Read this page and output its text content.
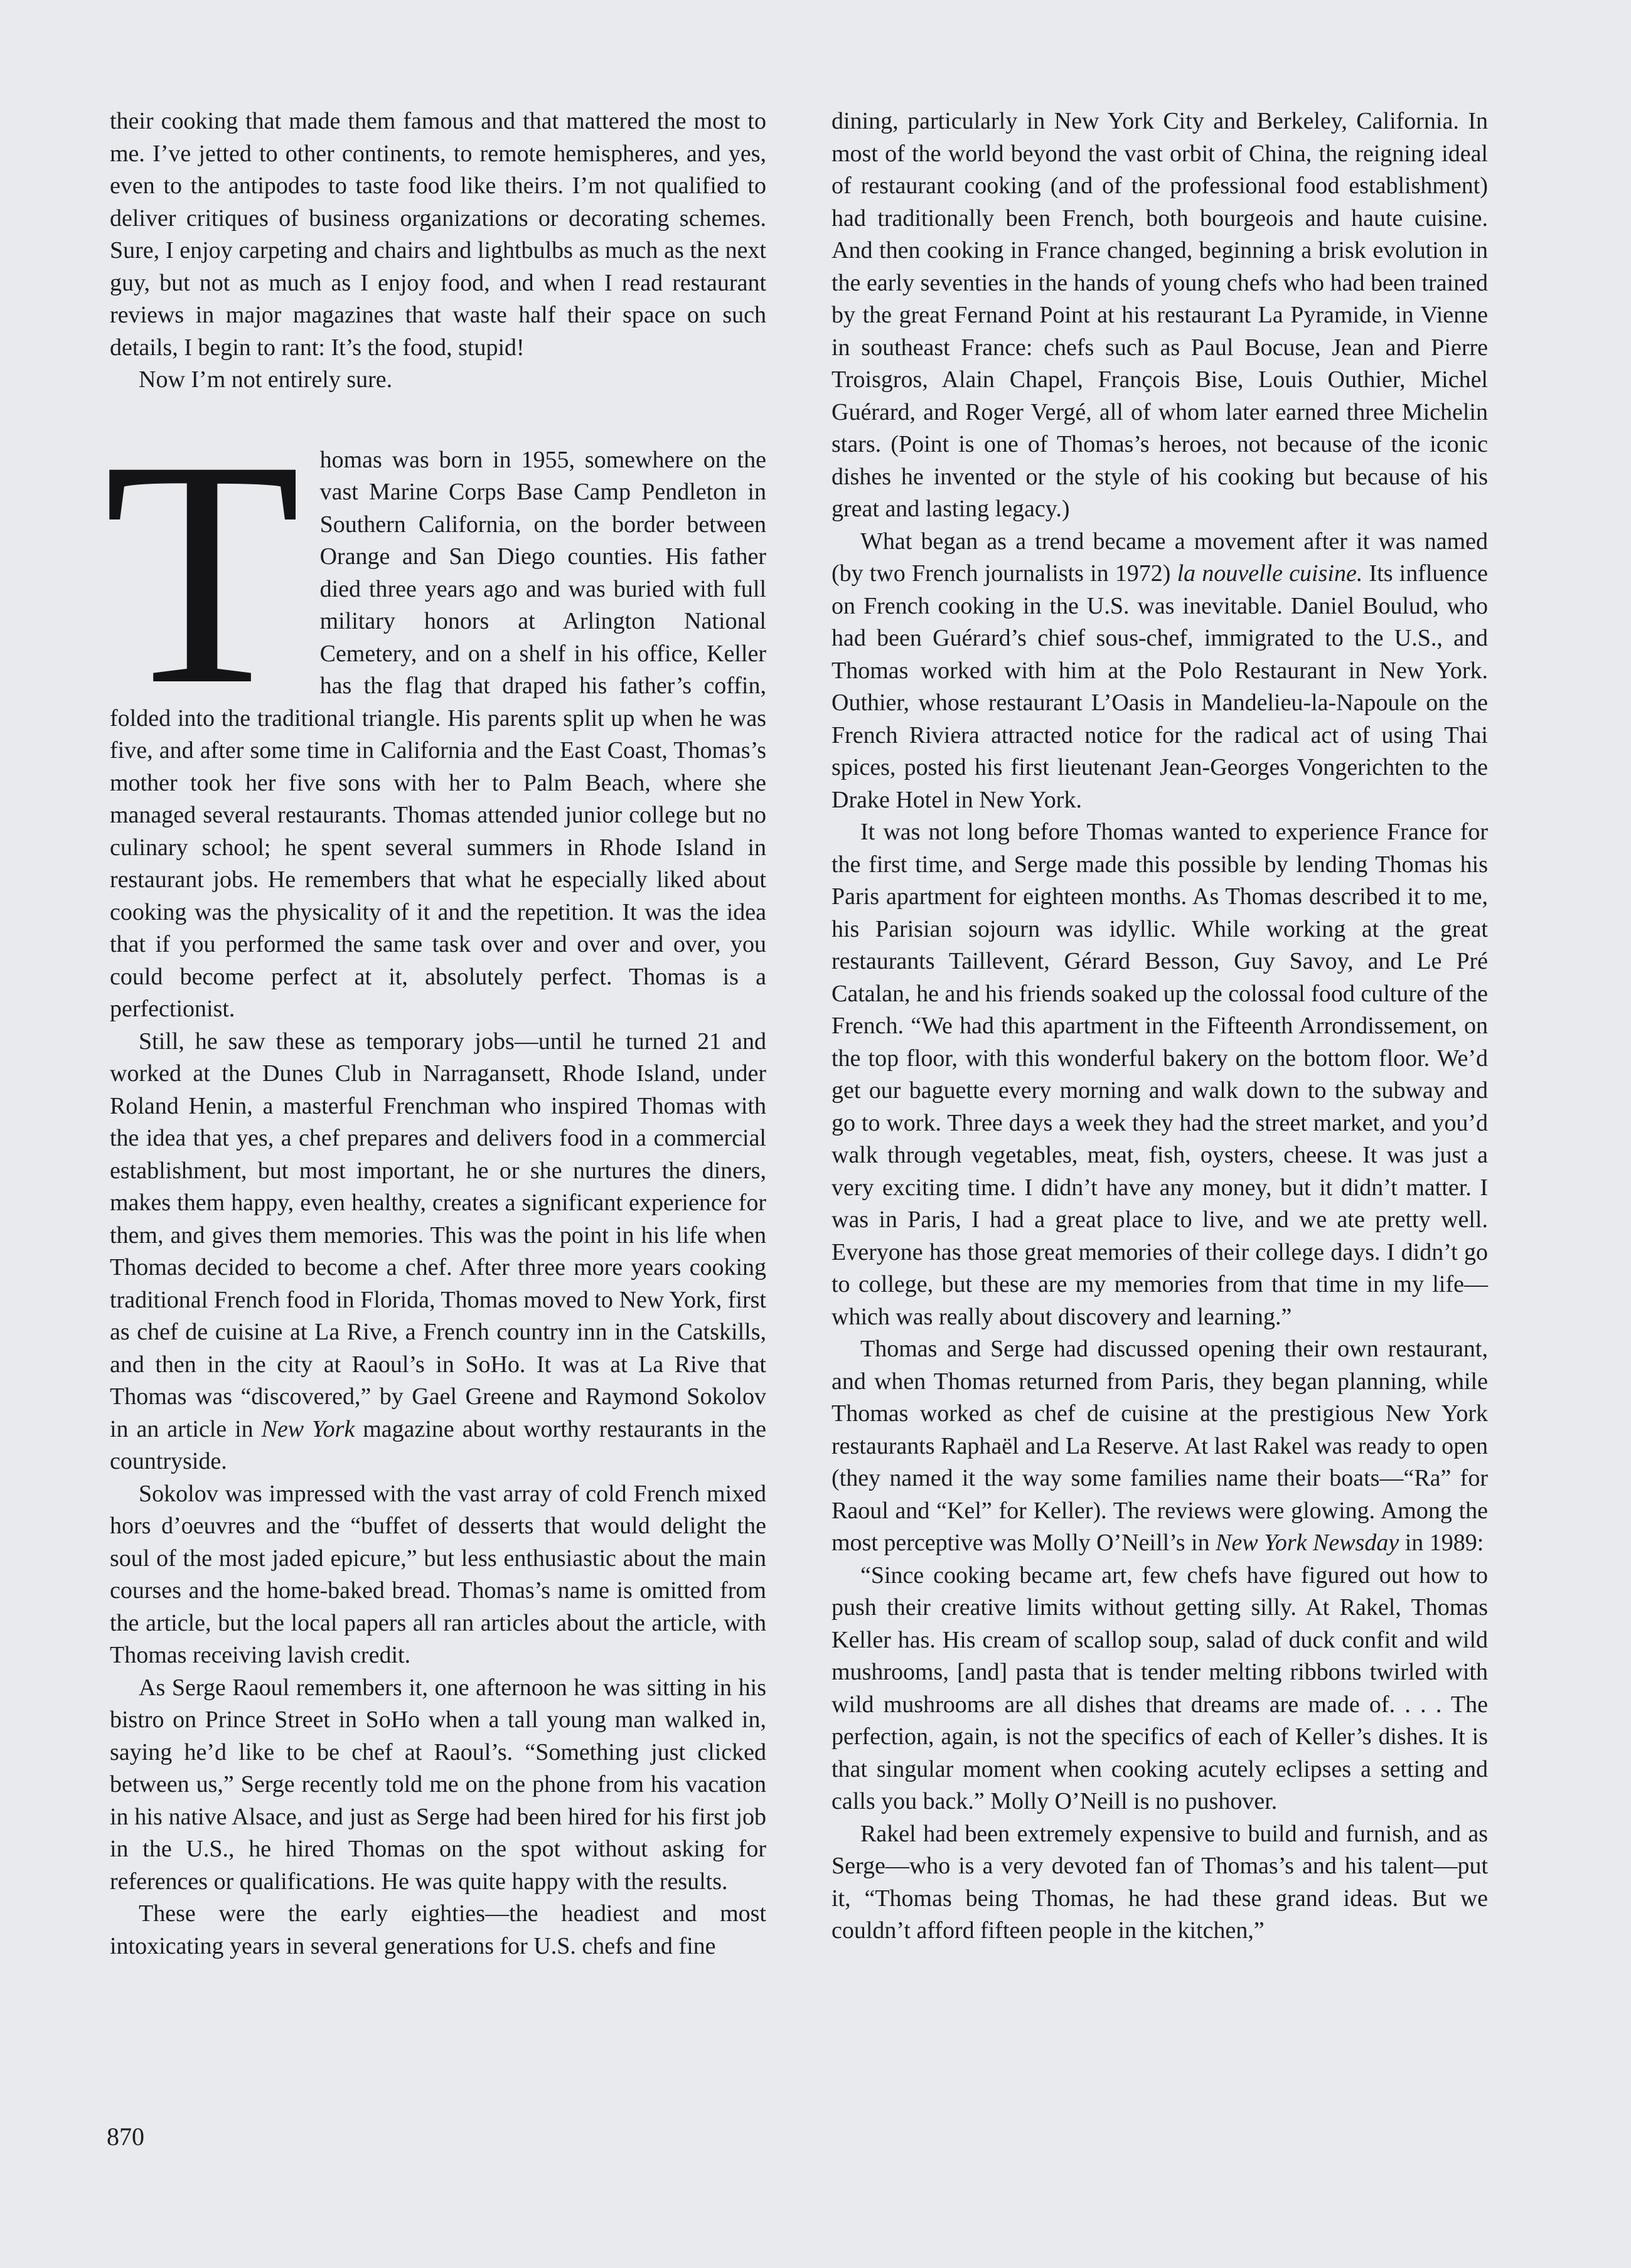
their cooking that made them famous and that mattered the most to me. I’ve jetted to other continents, to remote hemispheres, and yes, even to the antipodes to taste food like theirs. I’m not qualified to deliver critiques of business organizations or decorating schemes. Sure, I enjoy carpeting and chairs and lightbulbs as much as the next guy, but not as much as I enjoy food, and when I read restaurant reviews in major magazines that waste half their space on such details, I begin to rant: It’s the food, stupid!

Now I’m not entirely sure.

T homas was born in 1955, somewhere on the vast Marine Corps Base Camp Pendleton in Southern California, on the border between Orange and San Diego counties. His father died three years ago and was buried with full military honors at Arlington National Cemetery, and on a shelf in his office, Keller has the flag that draped his father’s coffin, folded into the traditional triangle. His parents split up when he was five, and after some time in California and the East Coast, Thomas’s mother took her five sons with her to Palm Beach, where she managed several restaurants. Thomas attended junior college but no culinary school; he spent several summers in Rhode Island in restaurant jobs. He remembers that what he especially liked about cooking was the physicality of it and the repetition. It was the idea that if you performed the same task over and over and over, you could become perfect at it, absolutely perfect. Thomas is a perfectionist.

Still, he saw these as temporary jobs—until he turned 21 and worked at the Dunes Club in Narragansett, Rhode Island, under Roland Henin, a masterful Frenchman who inspired Thomas with the idea that yes, a chef prepares and delivers food in a commercial establishment, but most important, he or she nurtures the diners, makes them happy, even healthy, creates a significant experience for them, and gives them memories. This was the point in his life when Thomas decided to become a chef. After three more years cooking traditional French food in Florida, Thomas moved to New York, first as chef de cuisine at La Rive, a French country inn in the Catskills, and then in the city at Raoul’s in SoHo. It was at La Rive that Thomas was “discovered,” by Gael Greene and Raymond Sokolov in an article in New York magazine about worthy restaurants in the countryside.

Sokolov was impressed with the vast array of cold French mixed hors d’oeuvres and the “buffet of desserts that would delight the soul of the most jaded epicure,” but less enthusiastic about the main courses and the home-baked bread. Thomas’s name is omitted from the article, but the local papers all ran articles about the article, with Thomas receiving lavish credit.

As Serge Raoul remembers it, one afternoon he was sitting in his bistro on Prince Street in SoHo when a tall young man walked in, saying he’d like to be chef at Raoul’s. “Something just clicked between us,” Serge recently told me on the phone from his vacation in his native Alsace, and just as Serge had been hired for his first job in the U.S., he hired Thomas on the spot without asking for references or qualifications. He was quite happy with the results.

These were the early eighties—the headiest and most intoxicating years in several generations for U.S. chefs and fine

dining, particularly in New York City and Berkeley, California. In most of the world beyond the vast orbit of China, the reigning ideal of restaurant cooking (and of the professional food establishment) had traditionally been French, both bourgeois and haute cuisine. And then cooking in France changed, beginning a brisk evolution in the early seventies in the hands of young chefs who had been trained by the great Fernand Point at his restaurant La Pyramide, in Vienne in southeast France: chefs such as Paul Bocuse, Jean and Pierre Troisgros, Alain Chapel, François Bise, Louis Outhier, Michel Guérard, and Roger Vergé, all of whom later earned three Michelin stars. (Point is one of Thomas’s heroes, not because of the iconic dishes he invented or the style of his cooking but because of his great and lasting legacy.)

What began as a trend became a movement after it was named (by two French journalists in 1972) la nouvelle cuisine. Its influence on French cooking in the U.S. was inevitable. Daniel Boulud, who had been Guérard’s chief sous-chef, immigrated to the U.S., and Thomas worked with him at the Polo Restaurant in New York. Outhier, whose restaurant L’Oasis in Mandelieu-la-Napoule on the French Riviera attracted notice for the radical act of using Thai spices, posted his first lieutenant Jean-Georges Vongerichten to the Drake Hotel in New York.

It was not long before Thomas wanted to experience France for the first time, and Serge made this possible by lending Thomas his Paris apartment for eighteen months. As Thomas described it to me, his Parisian sojourn was idyllic. While working at the great restaurants Taillevent, Gérard Besson, Guy Savoy, and Le Pré Catalan, he and his friends soaked up the colossal food culture of the French. “We had this apartment in the Fifteenth Arrondissement, on the top floor, with this wonderful bakery on the bottom floor. We’d get our baguette every morning and walk down to the subway and go to work. Three days a week they had the street market, and you’d walk through vegetables, meat, fish, oysters, cheese. It was just a very exciting time. I didn’t have any money, but it didn’t matter. I was in Paris, I had a great place to live, and we ate pretty well. Everyone has those great memories of their college days. I didn’t go to college, but these are my memories from that time in my life—which was really about discovery and learning.”

Thomas and Serge had discussed opening their own restaurant, and when Thomas returned from Paris, they began planning, while Thomas worked as chef de cuisine at the prestigious New York restaurants Raphaël and La Reserve. At last Rakel was ready to open (they named it the way some families name their boats—“Ra” for Raoul and “Kel” for Keller). The reviews were glowing. Among the most perceptive was Molly O’Neill’s in New York Newsday in 1989:

“Since cooking became art, few chefs have figured out how to push their creative limits without getting silly. At Rakel, Thomas Keller has. His cream of scallop soup, salad of duck confit and wild mushrooms, [and] pasta that is tender melting ribbons twirled with wild mushrooms are all dishes that dreams are made of. . . . The perfection, again, is not the specifics of each of Keller’s dishes. It is that singular moment when cooking acutely eclipses a setting and calls you back.” Molly O’Neill is no pushover.

Rakel had been extremely expensive to build and furnish, and as Serge—who is a very devoted fan of Thomas’s and his talent—put it, “Thomas being Thomas, he had these grand ideas. But we couldn’t afford fifteen people in the kitchen,”

870
